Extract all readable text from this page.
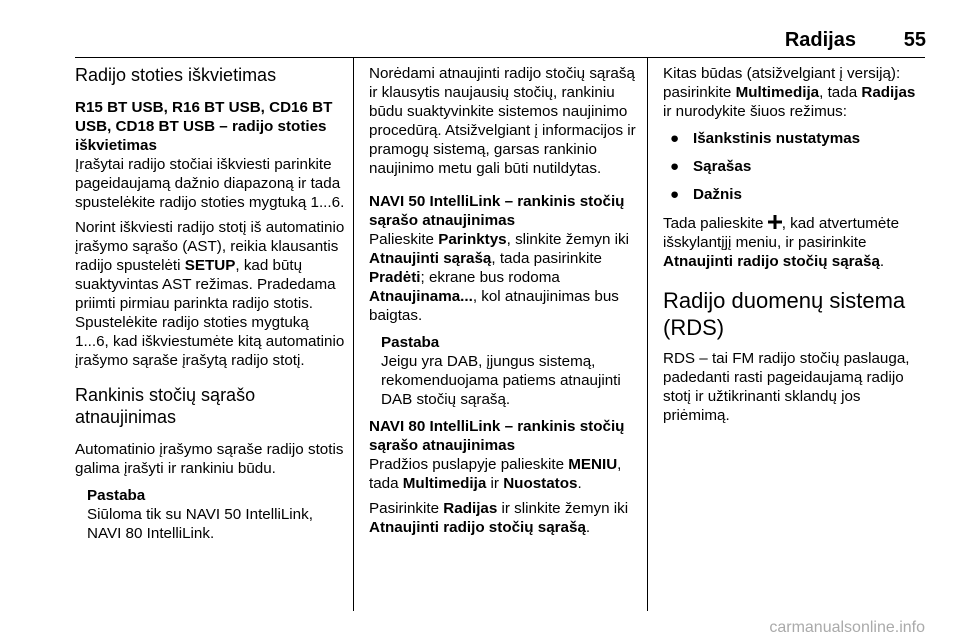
Radijas	55
Radijo stoties iškvietimas
R15 BT USB, R16 BT USB, CD16 BT USB, CD18 BT USB – radijo stoties iškvietimas

Įrašytai radijo stočiai iškviesti parinkite pageidaujamą dažnio diapazoną ir tada spustelėkite radijo stoties mygtuką 1...6.

Norint iškviesti radijo stotį iš automatinio įrašymo sąrašo (AST), reikia klausantis radijo spustelėti SETUP, kad būtų suaktyvintas AST režimas. Pradedama priimti pirmiau parinkta radijo stotis. Spustelėkite radijo stoties mygtuką 1...6, kad iškviestumėte kitą automatinio įrašymo sąraše įrašytą radijo stotį.

Rankinis stočių sąrašo atnaujinimas

Automatinio įrašymo sąraše radijo stotis galima įrašyti ir rankiniu būdu.

Pastaba
Siūloma tik su NAVI 50 IntelliLink, NAVI 80 IntelliLink.

Norėdami atnaujinti radijo stočių sąrašą ir klausytis naujausių stočių, rankiniu būdu suaktyvinkite sistemos naujinimo procedūrą. Atsižvelgiant į informacijos ir pramogų sistemą, garsas rankinio naujinimo metu gali būti nutildytas.

NAVI 50 IntelliLink – rankinis stočių sąrašo atnaujinimas

Palieskite Parinktys, slinkite žemyn iki Atnaujinti sąrašą, tada pasirinkite Pradėti; ekrane bus rodoma Atnaujinama..., kol atnaujinimas bus baigtas.

Pastaba
Jeigu yra DAB, įjungus sistemą, rekomenduojama patiems atnaujinti DAB stočių sąrašą.
NAVI 80 IntelliLink – rankinis stočių sąrašo atnaujinimas

Pradžios puslapyje palieskite MENIU, tada Multimedija ir Nuostatos.

Pasirinkite Radijas ir slinkite žemyn iki Atnaujinti radijo stočių sąrašą.

Kitas būdas (atsižvelgiant į versiją): pasirinkite Multimedija, tada Radijas ir nurodykite šiuos režimus:

● Išankstinis nustatymas
● Sąrašas
● Dažnis

Tada palieskite , kad atvertumėte išskylantįjį meniu, ir pasirinkite Atnaujinti radijo stočių sąrašą.

Radijo duomenų sistema (RDS)

RDS – tai FM radijo stočių paslauga, padedanti rasti pageidaujamą radijo stotį ir užtikrinanti sklandų jos priėmimą.

carmanualsonline.info
